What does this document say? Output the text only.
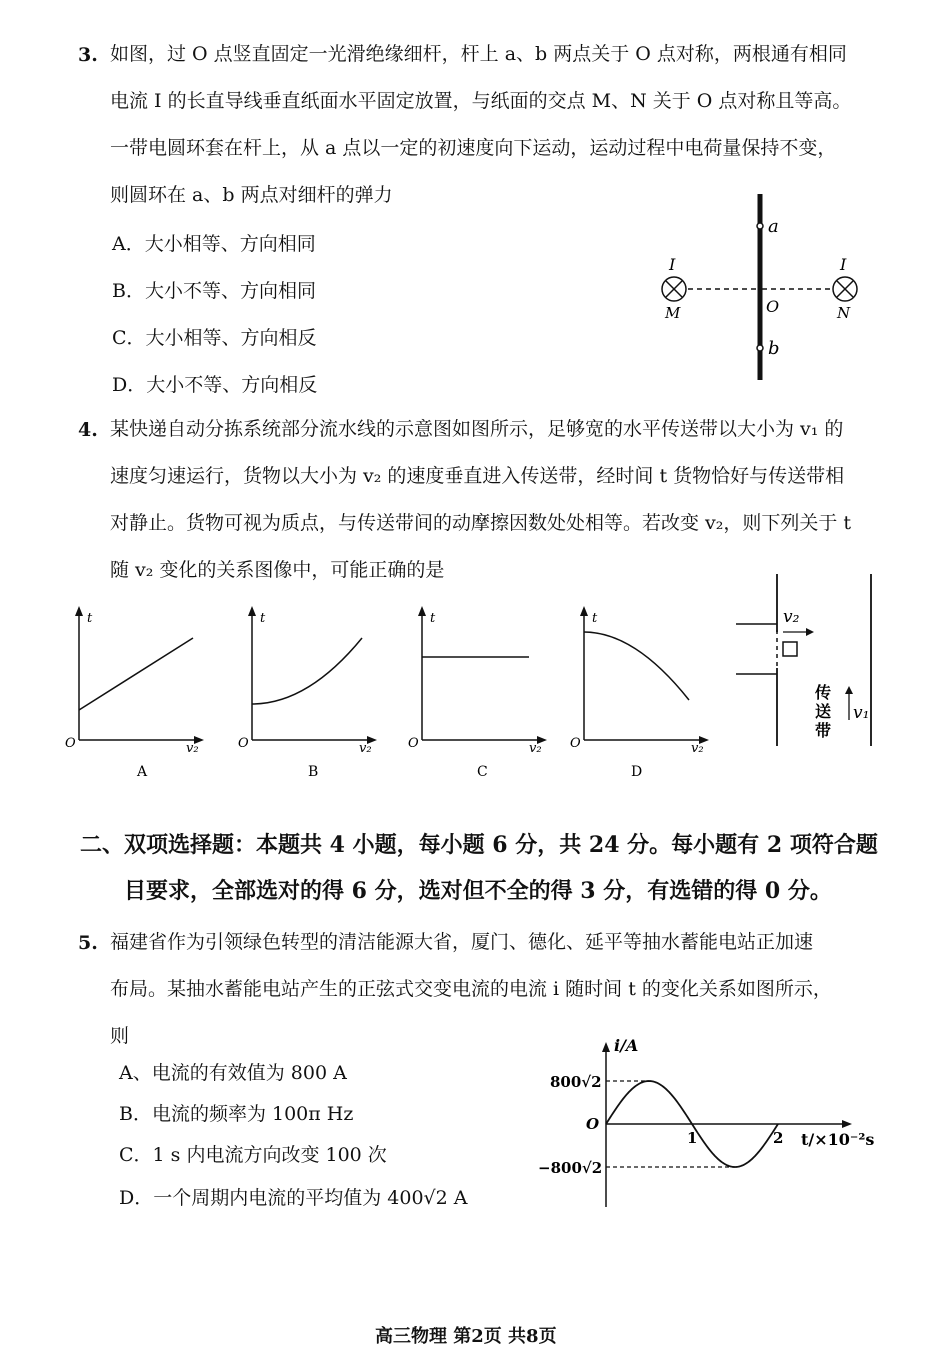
3. 如图，过 O 点竖直固定一光滑绝缘细杆，杆上 a、b 两点关于 O 点对称，两根通有相同
电流 I 的长直导线垂直纸面水平固定放置，与纸面的交点 M、N 关于 O 点对称且等高。
一带电圆环套在杆上，从 a 点以一定的初速度向下运动，运动过程中电荷量保持不变，
则圆环在 a、b 两点对细杆的弹力
A．大小相等、方向相同
B．大小不等、方向相同
C．大小相等、方向相反
D．大小不等、方向相反
a
b
O
I
M
I
N
4. 某快递自动分拣系统部分流水线的示意图如图所示，足够宽的水平传送带以大小为 v₁ 的
速度匀速运行，货物以大小为 v₂ 的速度垂直进入传送带，经时间 t 货物恰好与传送带相
对静止。货物可视为质点，与传送带间的动摩擦因数处处相等。若改变 v₂，则下列关于 t
随 v₂ 变化的关系图像中，可能正确的是
t
v₂
O
A
t
v₂
O
B
t
v₂
O
C
t
v₂
O
D
v₂
v₁
传
送
带
二、双项选择题：本题共 4 小题，每小题 6 分，共 24 分。每小题有 2 项符合题
目要求，全部选对的得 6 分，选对但不全的得 3 分，有选错的得 0 分。
5. 福建省作为引领绿色转型的清洁能源大省，厦门、德化、延平等抽水蓄能电站正加速
布局。某抽水蓄能电站产生的正弦式交变电流的电流 i 随时间 t 的变化关系如图所示，
则
A、电流的有效值为 800 A
B．电流的频率为 100π Hz
C．1 s 内电流方向改变 100 次
D．一个周期内电流的平均值为 400√2 A
i/A
t/×10⁻²s
O
800√2
−800√2
1	2
高三物理 第2页 共8页
